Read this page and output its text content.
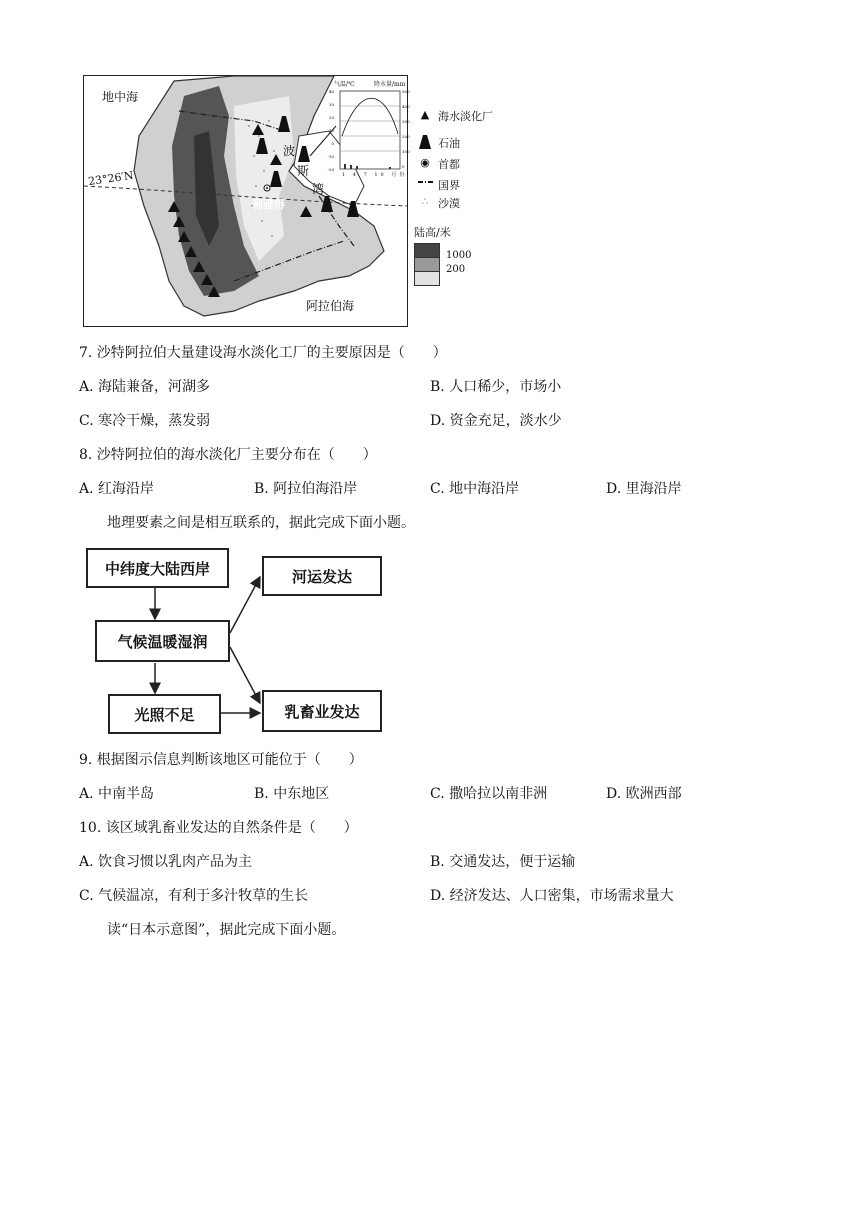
40
30
20
10
0
-10
-20
500
400
300
200
100
0
地中海
23°26′N
波
斯
湾
利雅得
阿拉伯海
气温/℃	降水量/mm
1 4 7 10 月份
▲ 海水淡化厂
石油
◉ 首都
国界
∴ 沙漠
陆高/米
1000
200
7. 沙特阿拉伯大量建设海水淡化工厂的主要原因是（　　）
A. 海陆兼备，河湖多	B. 人口稀少，市场小
C. 寒冷干燥，蒸发弱	D. 资金充足，淡水少
8. 沙特阿拉伯的海水淡化厂主要分布在（　　）
A. 红海沿岸	B. 阿拉伯海沿岸	C. 地中海沿岸	D. 里海沿岸
地理要素之间是相互联系的，据此完成下面小题。
中纬度大陆西岸
气候温暖湿润
河运发达
光照不足	乳畜业发达
9. 根据图示信息判断该地区可能位于（　　）
A. 中南半岛	B. 中东地区	C. 撒哈拉以南非洲	D. 欧洲西部
10. 该区域乳畜业发达的自然条件是（　　）
A. 饮食习惯以乳肉产品为主	B. 交通发达，便于运输
C. 气候温凉，有利于多汁牧草的生长	D. 经济发达、人口密集，市场需求量大
读“日本示意图”，据此完成下面小题。
